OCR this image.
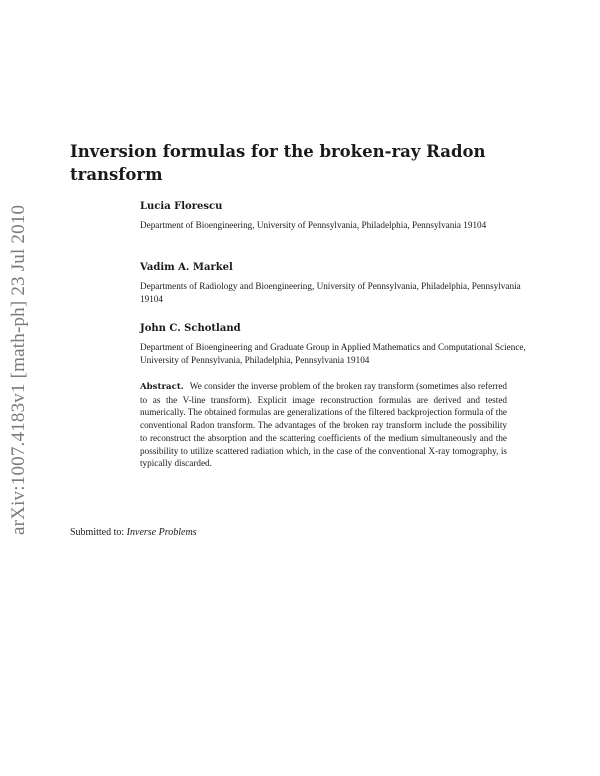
arXiv:1007.4183v1 [math-ph] 23 Jul 2010
Inversion formulas for the broken-ray Radon transform

Lucia Florescu

Department of Bioengineering, University of Pennsylvania, Philadelphia, Pennsylvania 19104

Vadim A. Markel

Departments of Radiology and Bioengineering, University of Pennsylvania, Philadelphia, Pennsylvania 19104

John C. Schotland

Department of Bioengineering and Graduate Group in Applied Mathematics and Computational Science, University of Pennsylvania, Philadelphia, Pennsylvania 19104

Abstract. We consider the inverse problem of the broken ray transform (sometimes also referred to as the V-line transform). Explicit image reconstruction formulas are derived and tested numerically. The obtained formulas are generalizations of the filtered backprojection formula of the conventional Radon transform. The advantages of the broken ray transform include the possibility to reconstruct the absorption and the scattering coefficients of the medium simultaneously and the possibility to utilize scattered radiation which, in the case of the conventional X-ray tomography, is typically discarded.

Submitted to: Inverse Problems
